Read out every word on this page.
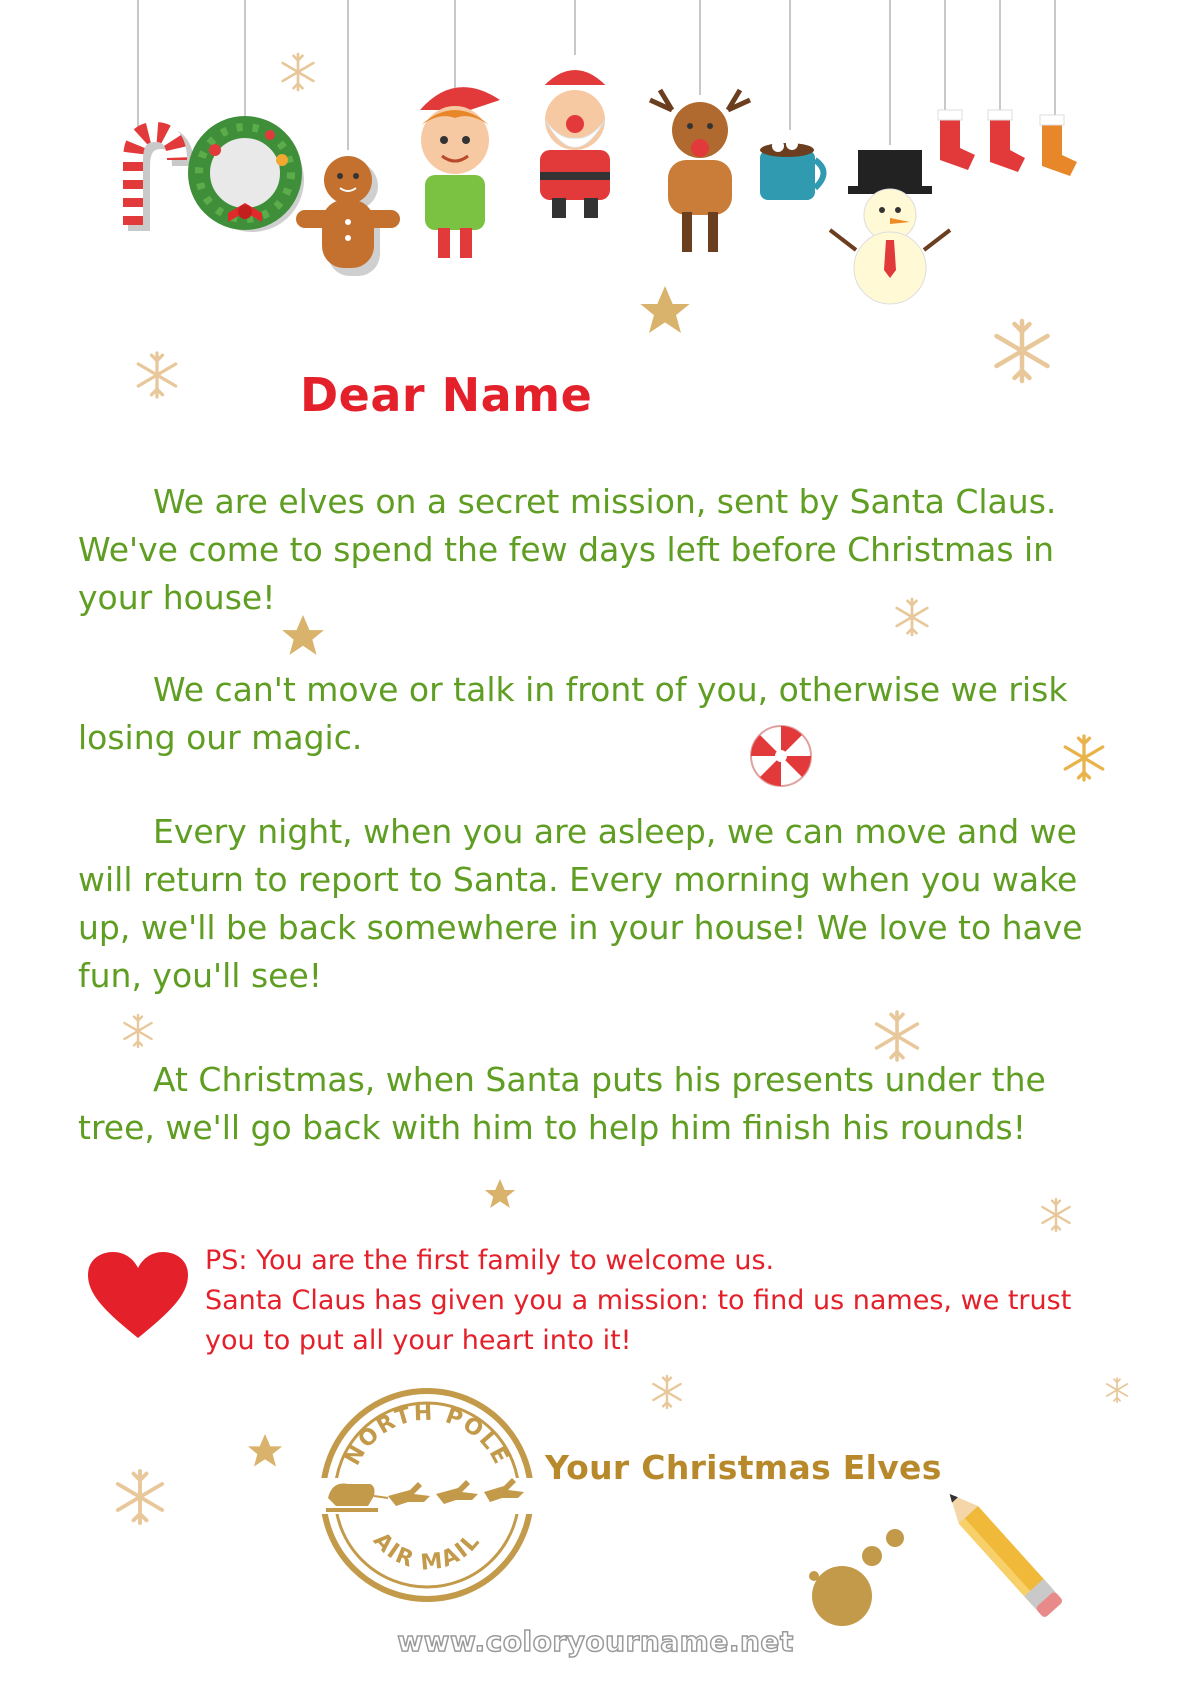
Dear Name
We are elves on a secret mission, sent by Santa Claus. We've come to spend the few days left before Christmas in your house!
We can't move or talk in front of you, otherwise we risk losing our magic.
Every night, when you are asleep, we can move and we will return to report to Santa. Every morning when you wake up, we'll be back somewhere in your house! We love to have fun, you'll see!
At Christmas, when Santa puts his presents under the tree, we'll go back with him to help him finish his rounds!
PS: You are the first family to welcome us.
Santa Claus has given you a mission: to find us names, we trust
you to put all your heart into it!
NORTH POLE
AIR MAIL
Your Christmas Elves
www.coloryourname.net
